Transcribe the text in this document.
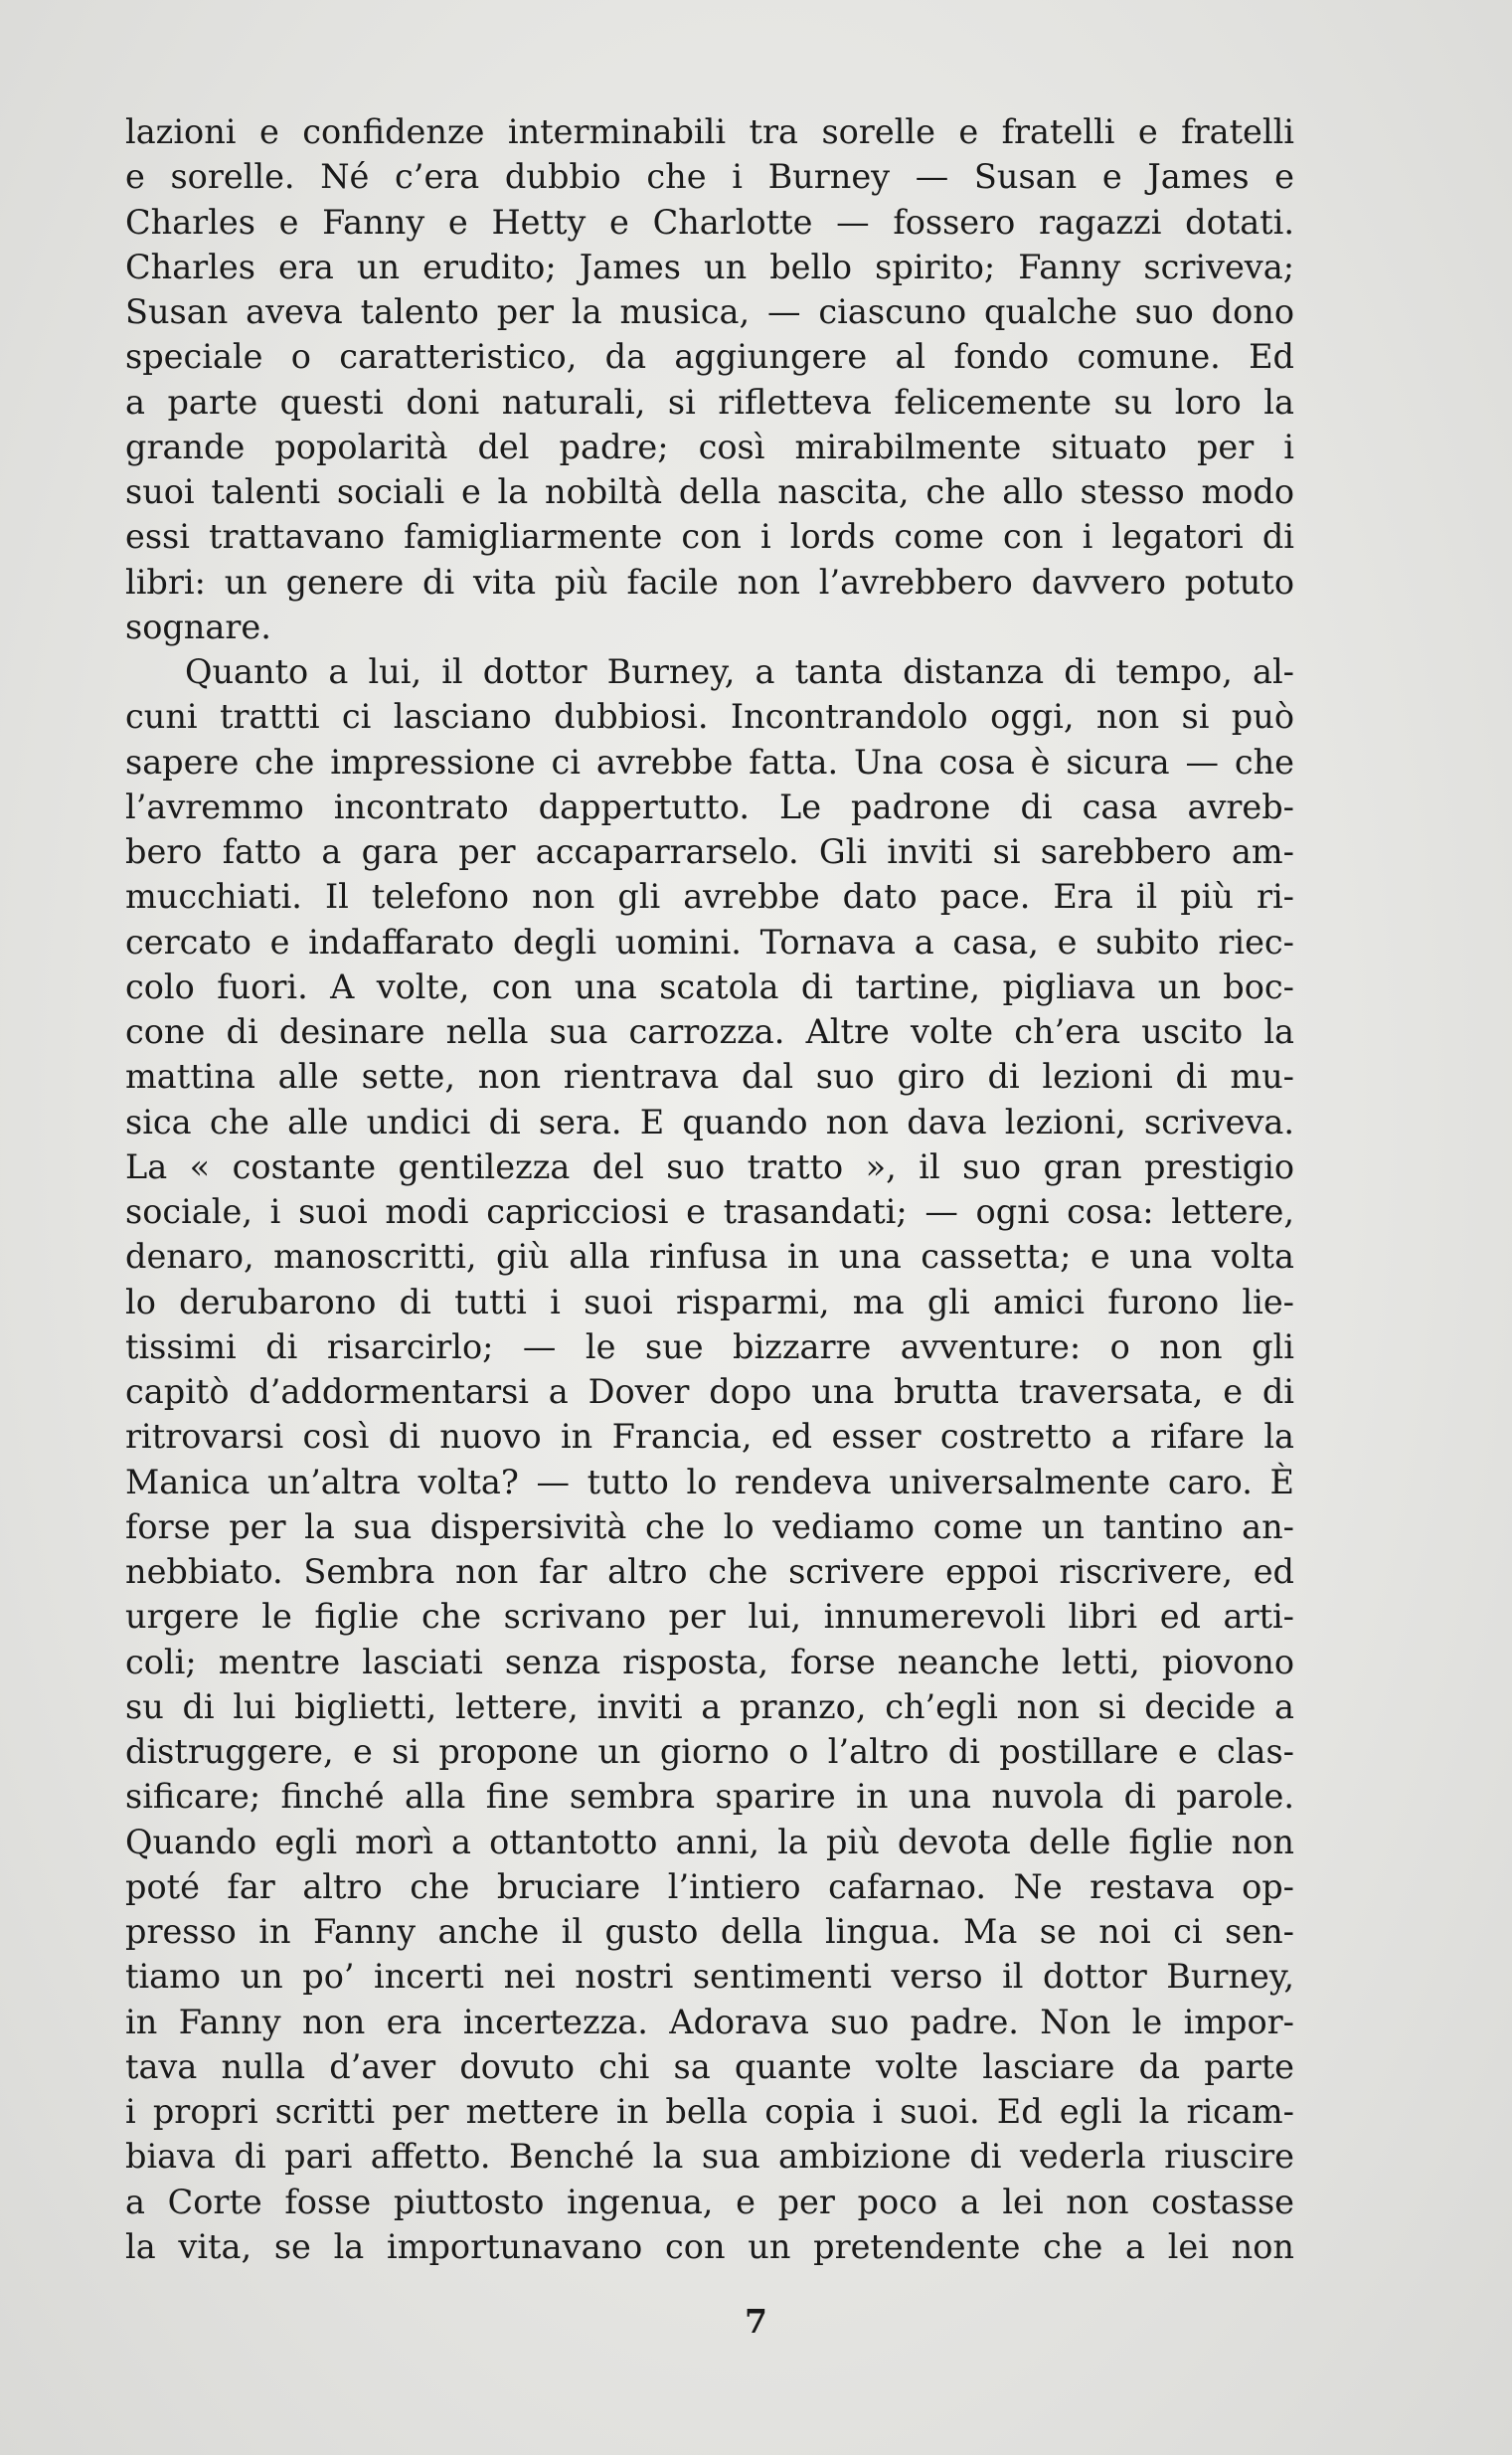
lazioni e confidenze interminabili tra sorelle e fratelli e fratelli
e sorelle. Né c’era dubbio che i Burney — Susan e James e
Charles e Fanny e Hetty e Charlotte — fossero ragazzi dotati.
Charles era un erudito; James un bello spirito; Fanny scriveva;
Susan aveva talento per la musica, — ciascuno qualche suo dono
speciale o caratteristico, da aggiungere al fondo comune. Ed
a parte questi doni naturali, si rifletteva felicemente su loro la
grande popolarità del padre; così mirabilmente situato per i
suoi talenti sociali e la nobiltà della nascita, che allo stesso modo
essi trattavano famigliarmente con i lords come con i legatori di
libri: un genere di vita più facile non l’avrebbero davvero potuto
sognare.
Quanto a lui, il dottor Burney, a tanta distanza di tempo, al-
cuni trattti ci lasciano dubbiosi. Incontrandolo oggi, non si può
sapere che impressione ci avrebbe fatta. Una cosa è sicura — che
l’avremmo incontrato dappertutto. Le padrone di casa avreb-
bero fatto a gara per accaparrarselo. Gli inviti si sarebbero am-
mucchiati. Il telefono non gli avrebbe dato pace. Era il più ri-
cercato e indaffarato degli uomini. Tornava a casa, e subito riec-
colo fuori. A volte, con una scatola di tartine, pigliava un boc-
cone di desinare nella sua carrozza. Altre volte ch’era uscito la
mattina alle sette, non rientrava dal suo giro di lezioni di mu-
sica che alle undici di sera. E quando non dava lezioni, scriveva.
La « costante gentilezza del suo tratto », il suo gran prestigio
sociale, i suoi modi capricciosi e trasandati; — ogni cosa: lettere,
denaro, manoscritti, giù alla rinfusa in una cassetta; e una volta
lo derubarono di tutti i suoi risparmi, ma gli amici furono lie-
tissimi di risarcirlo; — le sue bizzarre avventure: o non gli
capitò d’addormentarsi a Dover dopo una brutta traversata, e di
ritrovarsi così di nuovo in Francia, ed esser costretto a rifare la
Manica un’altra volta? — tutto lo rendeva universalmente caro. È
forse per la sua dispersività che lo vediamo come un tantino an-
nebbiato. Sembra non far altro che scrivere eppoi riscrivere, ed
urgere le figlie che scrivano per lui, innumerevoli libri ed arti-
coli; mentre lasciati senza risposta, forse neanche letti, piovono
su di lui biglietti, lettere, inviti a pranzo, ch’egli non si decide a
distruggere, e si propone un giorno o l’altro di postillare e clas-
sificare; finché alla fine sembra sparire in una nuvola di parole.
Quando egli morì a ottantotto anni, la più devota delle figlie non
poté far altro che bruciare l’intiero cafarnao. Ne restava op-
presso in Fanny anche il gusto della lingua. Ma se noi ci sen-
tiamo un po’ incerti nei nostri sentimenti verso il dottor Burney,
in Fanny non era incertezza. Adorava suo padre. Non le impor-
tava nulla d’aver dovuto chi sa quante volte lasciare da parte
i propri scritti per mettere in bella copia i suoi. Ed egli la ricam-
biava di pari affetto. Benché la sua ambizione di vederla riuscire
a Corte fosse piuttosto ingenua, e per poco a lei non costasse
la vita, se la importunavano con un pretendente che a lei non
7
